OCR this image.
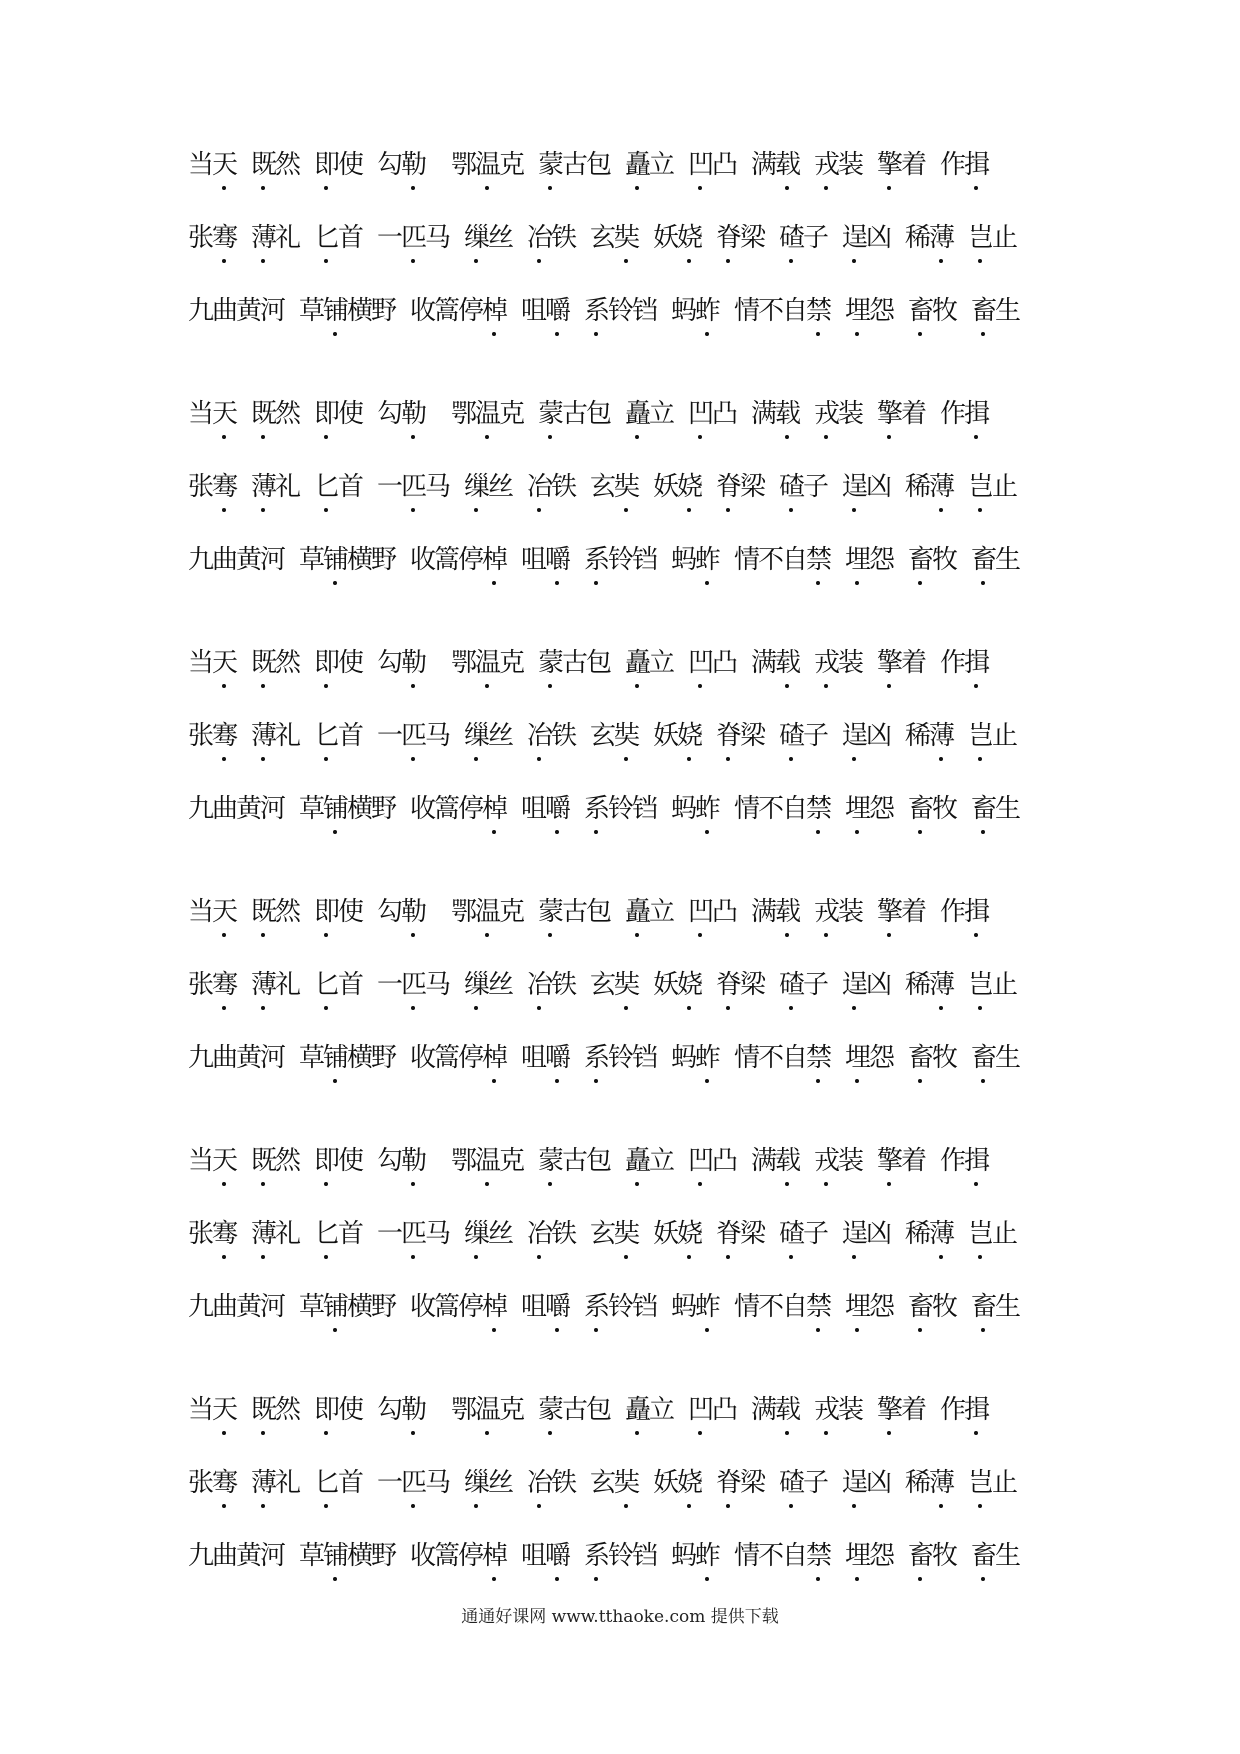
当
天 既
然 即
使 勾
勒 鄂
温
克 蒙
古
包 矗
立 凹
凸 满
载 戎
装 擎
着 作
揖
张
骞 薄
礼 匕
首 一
匹
马 缫
丝 冶
铁 玄
奘 妖
娆 脊
梁 碴
子 逞
凶 稀
薄 岂
止
九
曲
黄
河 草
铺
横
野 收
篙
停
棹 咀
嚼 系
铃
铛 蚂
蚱 情
不
自
禁 埋
怨 畜
牧 畜
生
当
天 既
然 即
使 勾
勒 鄂
温
克 蒙
古
包 矗
立 凹
凸 满
载 戎
装 擎
着 作
揖
张
骞 薄
礼 匕
首 一
匹
马 缫
丝 冶
铁 玄
奘 妖
娆 脊
梁 碴
子 逞
凶 稀
薄 岂
止
九
曲
黄
河 草
铺
横
野 收
篙
停
棹 咀
嚼 系
铃
铛 蚂
蚱 情
不
自
禁 埋
怨 畜
牧 畜
生
当
天 既
然 即
使 勾
勒 鄂
温
克 蒙
古
包 矗
立 凹
凸 满
载 戎
装 擎
着 作
揖
张
骞 薄
礼 匕
首 一
匹
马 缫
丝 冶
铁 玄
奘 妖
娆 脊
梁 碴
子 逞
凶 稀
薄 岂
止
九
曲
黄
河 草
铺
横
野 收
篙
停
棹 咀
嚼 系
铃
铛 蚂
蚱 情
不
自
禁 埋
怨 畜
牧 畜
生
当
天 既
然 即
使 勾
勒 鄂
温
克 蒙
古
包 矗
立 凹
凸 满
载 戎
装 擎
着 作
揖
张
骞 薄
礼 匕
首 一
匹
马 缫
丝 冶
铁 玄
奘 妖
娆 脊
梁 碴
子 逞
凶 稀
薄 岂
止
九
曲
黄
河 草
铺
横
野 收
篙
停
棹 咀
嚼 系
铃
铛 蚂
蚱 情
不
自
禁 埋
怨 畜
牧 畜
生
当
天 既
然 即
使 勾
勒 鄂
温
克 蒙
古
包 矗
立 凹
凸 满
载 戎
装 擎
着 作
揖
张
骞 薄
礼 匕
首 一
匹
马 缫
丝 冶
铁 玄
奘 妖
娆 脊
梁 碴
子 逞
凶 稀
薄 岂
止
九
曲
黄
河 草
铺
横
野 收
篙
停
棹 咀
嚼 系
铃
铛 蚂
蚱 情
不
自
禁 埋
怨 畜
牧 畜
生
当
天 既
然 即
使 勾
勒 鄂
温
克 蒙
古
包 矗
立 凹
凸 满
载 戎
装 擎
着 作
揖
张
骞 薄
礼 匕
首 一
匹
马 缫
丝 冶
铁 玄
奘 妖
娆 脊
梁 碴
子 逞
凶 稀
薄 岂
止
九
曲
黄
河 草
铺
横
野 收
篙
停
棹 咀
嚼 系
铃
铛 蚂
蚱 情
不
自
禁 埋
怨 畜
牧 畜
生
通通好课网 www.tthaoke.com 提供下载
